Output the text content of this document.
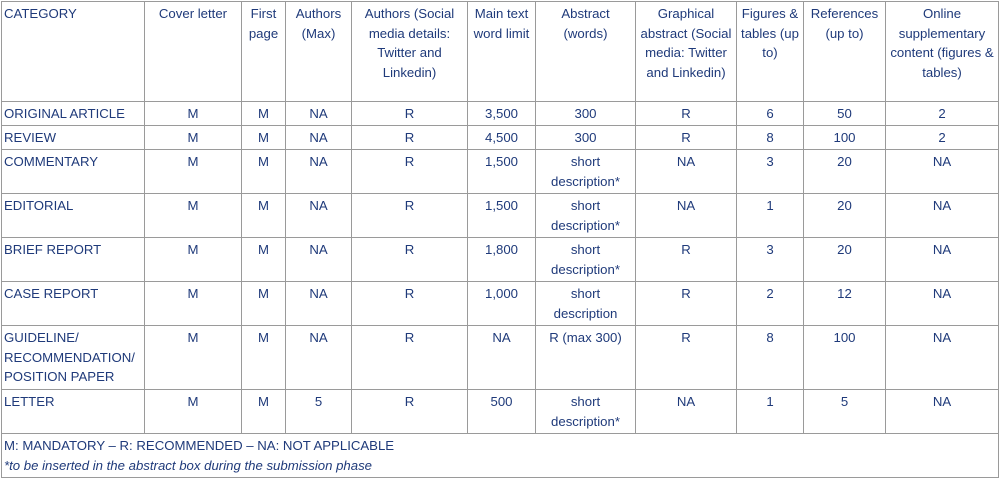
CATEGORY	Cover letter	First page	Authors (Max)	Authors (Social media details: Twitter and Linkedin)	Main text word limit	Abstract (words)	Graphical abstract (Social media: Twitter and Linkedin)	Figures & tables (up to)	References (up to)	Online supplementary content (figures & tables)
ORIGINAL ARTICLE	M	M	NA	R	3,500	300	R	6	50	2
REVIEW	M	M	NA	R	4,500	300	R	8	100	2
COMMENTARY	M	M	NA	R	1,500	short description*	NA	3	20	NA
EDITORIAL	M	M	NA	R	1,500	short description*	NA	1	20	NA
BRIEF REPORT	M	M	NA	R	1,800	short description*	R	3	20	NA
CASE REPORT	M	M	NA	R	1,000	short description	R	2	12	NA
GUIDELINE/ RECOMMENDATION/ POSITION PAPER	M	M	NA	R	NA	R (max 300)	R	8	100	NA
LETTER	M	M	5	R	500	short description*	NA	1	5	NA

M: MANDATORY – R: RECOMMENDED – NA: NOT APPLICABLE
*to be inserted in the abstract box during the submission phase										
